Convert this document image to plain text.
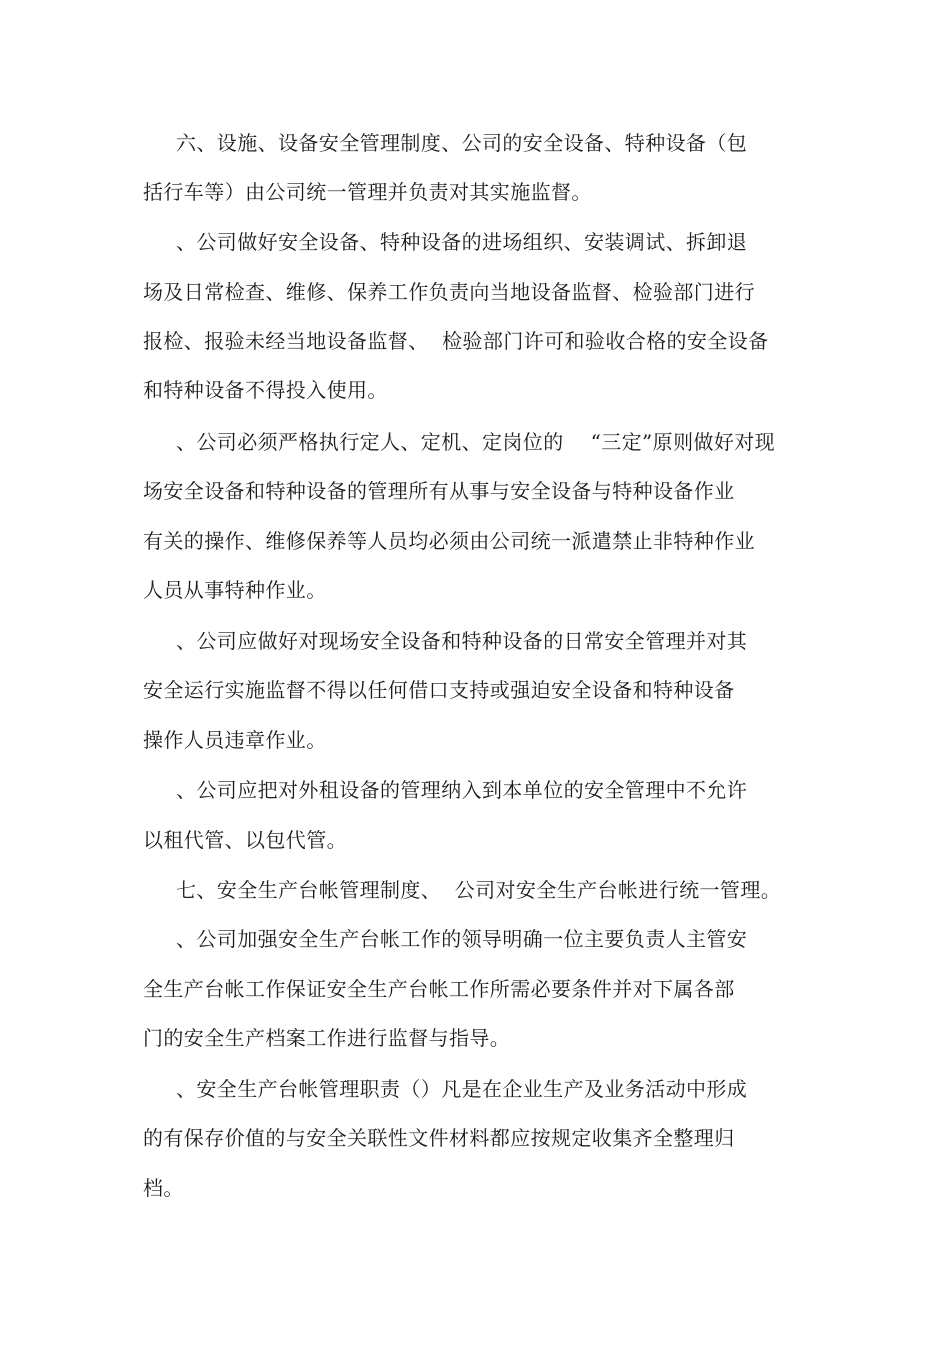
六、设施、设备安全管理制度、公司的安全设备、特种设备（包
括行车等）由公司统一管理并负责对其实施监督。
、公司做好安全设备、特种设备的进场组织、安装调试、拆卸退
场及日常检查、维修、保养工作负责向当地设备监督、检验部门进行
报检、报验未经当地设备监督、  检验部门许可和验收合格的安全设备
和特种设备不得投入使用。
、公司必须严格执行定人、定机、定岗位的    “三定”原则做好对现
场安全设备和特种设备的管理所有从事与安全设备与特种设备作业
有关的操作、维修保养等人员均必须由公司统一派遣禁止非特种作业
人员从事特种作业。
、公司应做好对现场安全设备和特种设备的日常安全管理并对其
安全运行实施监督不得以任何借口支持或强迫安全设备和特种设备
操作人员违章作业。
、公司应把对外租设备的管理纳入到本单位的安全管理中不允许
以租代管、以包代管。
七、安全生产台帐管理制度、  公司对安全生产台帐进行统一管理。
、公司加强安全生产台帐工作的领导明确一位主要负责人主管安
全生产台帐工作保证安全生产台帐工作所需必要条件并对下属各部
门的安全生产档案工作进行监督与指导。
、安全生产台帐管理职责（）凡是在企业生产及业务活动中形成
的有保存价值的与安全关联性文件材料都应按规定收集齐全整理归
档。
